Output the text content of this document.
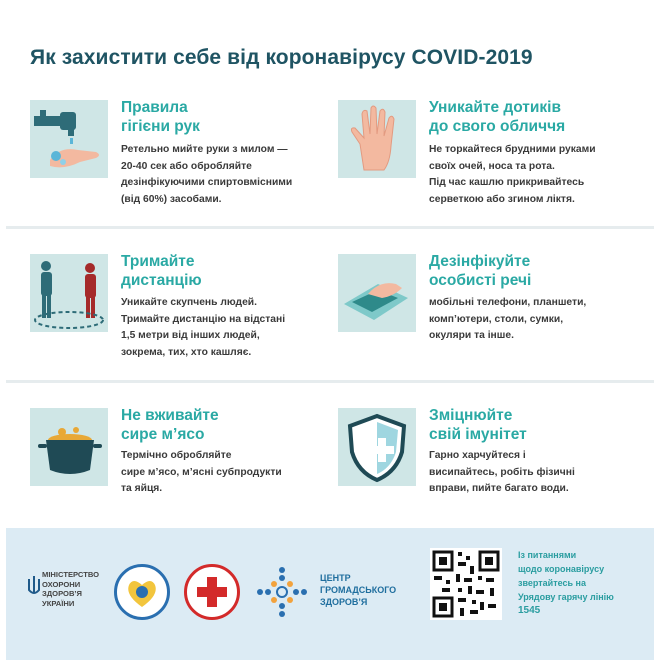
Як захистити себе від коронавірусу COVID-2019
Правила
гігієни рук
Ретельно мийте руки з милом —
20-40 сек або обробляйте
дезінфікуючими спиртовмісними
(від 60%) засобами.
Уникайте дотиків
до свого обличчя
Не торкайтеся брудними руками
своїх очей, носа та рота.
Під час кашлю прикривайтесь
серветкою або згином ліктя.
Тримайте
дистанцію
Уникайте скупчень людей.
Тримайте дистанцію на відстані
1,5 метри від інших людей,
зокрема, тих, хто кашляє.
Дезінфікуйте
особисті речі
мобільні телефони, планшети,
комп’ютери, столи, сумки,
окуляри та інше.
Не вживайте
сире м’ясо
Термічно обробляйте
сире м’ясо, м’ясні субпродукти
та яйця.
Зміцнюйте
свій імунітет
Гарно харчуйтеся і
висипайтесь, робіть фізичні
вправи, пийте багато води.
МІНІСТЕРСТВО
ОХОРОНИ
ЗДОРОВ’Я
УКРАЇНИ
ЦЕНТР
ГРОМАДСЬКОГО
ЗДОРОВ’Я
Із питаннями
щодо коронавірусу
звертайтесь на
Урядову гарячу лінію
1545
